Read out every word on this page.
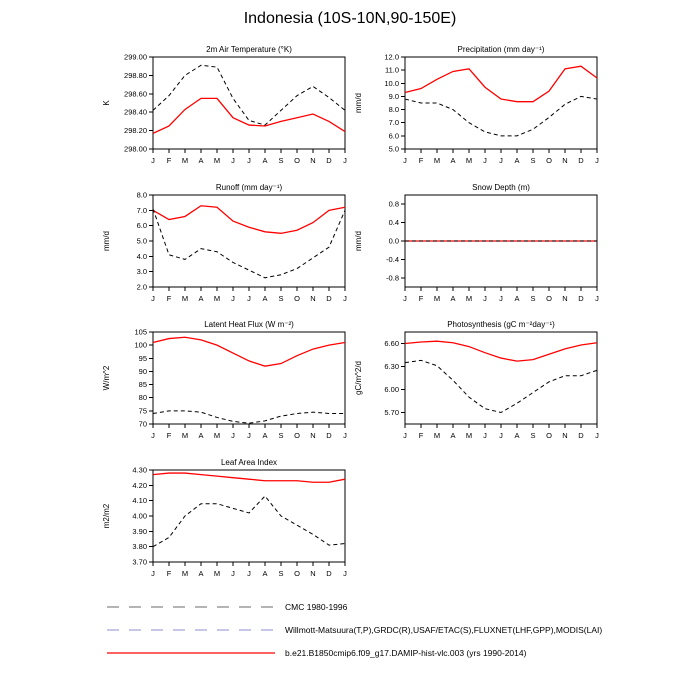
Indonesia (10S-10N,90-150E)
2m Air Temperature (°K)
K
298.00
298.20
298.40
298.60
298.80
299.00
J F M A M J J A S O N D J
Precipitation (mm day⁻¹)
mm/d
5.0
6.0
7.0
8.0
9.0
10.0
11.0
12.0
J F M A M J J A S O N D J
Runoff (mm day⁻¹)
mm/d
2.0
3.0
4.0
5.0
6.0
7.0
8.0
J F M A M J J A S O N D J
Snow Depth (m)
mm/d
-0.8
-0.4
0.0
0.4
0.8
J F M A M J J A S O N D J
Latent Heat Flux (W m⁻²)
W/m^2
70
75
80
85
90
95
100
105
J F M A M J J A S O N D J
Photosynthesis (gC m⁻²day⁻¹)
gC/m^2/d
5.70
6.00
6.30
6.60
J F M A M J J A S O N D J
Leaf Area Index
m2/m2
3.70
3.80
3.90
4.00
4.10
4.20
4.30
J F M A M J J A S O N D J
CMC 1980-1996
Willmott-Matsuura(T,P),GRDC(R),USAF/ETAC(S),FLUXNET(LHF,GPP),MODIS(LAI)
b.e21.B1850cmip6.f09_g17.DAMIP-hist-vlc.003 (yrs 1990-2014)
